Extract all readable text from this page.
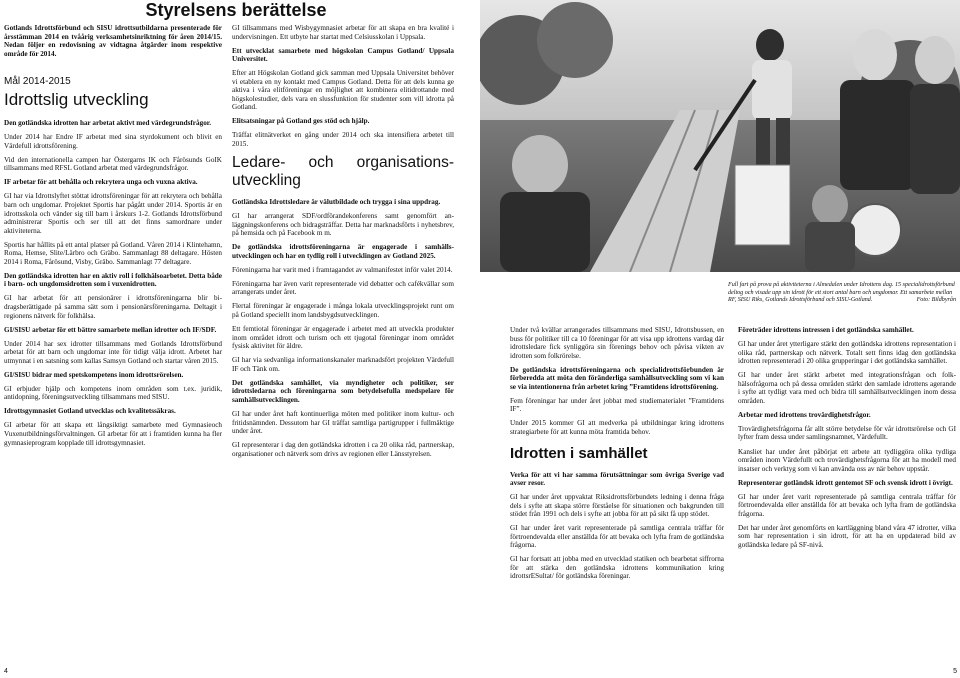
Gotlands Idrottsförbund och SISU idrottsutbildarna presenterade för årsstämman 2014 en tvåårig verksamhetsinriktning för åren 2014/15. Nedan följer en redovisning av vidtagna åtgärder inom respektive område för 2014.

Mål 2014-2015
Idrottslig utveckling

Den gotländska idrotten har arbetat aktivt med värdegrundsfrågor.

Under 2014 har Endre IF arbetat med sina styrdokument och blivit en Värdefull idrottsförening.

Vid den internationella campen har Östergarns IK och Fårösunds GoIK tillsammans med RFSL Gotland arbetat med värdegrundsfrågor.

IF arbetar för att behålla och rekrytera unga och vuxna aktiva.

GI har via Idrottslyftet stöttat idrottsföreningar för att rekrytera och behålla barn och ungdomar. Projektet Sportis har pågått under 2014. Sportis är en idrottsskola och vänder sig till barn i årskurs 1-2. Gotlands Idrottsförbund administrerar Sportis och ser till att det finns samordnare under aktiviteterna.

Sportis har hållits på ett antal platser på Gotland. Våren 2014 i Klintehamn, Roma, Hemse, Slite/Lärbro och Gräbo. Sammanlagt 88 deltagare. Hösten 2014 i Roma, Fårösund, Visby, Gräbo. Sammanlagt 77 deltagare.

Den gotländska idrotten har en aktiv roll i folkhälsoarbetet. Detta både i barn- och ungdomsidrotten som i vuxenidrotten.

GI har arbetat för att pensionärer i idrottsföreningarna blir bidragsberättigade på samma sätt som i pensionärsföreningarna. Deltagit i regionens nätverk för folkhälsa.

GI/SISU arbetar för ett bättre samarbete mellan idrotter och IF/SDF.

Under 2014 har sex idrotter tillsammans med Gotlands Idrottsförbund arbetat för att barn och ungdomar inte för tidigt välja idrott. Arbetet har utmynnat i en satsning som kallas Samsyn Gotland och startar våren 2015.

GI/SISU bidrar med spetskompetens inom idrottsrörelsen.

GI erbjuder hjälp och kompetens inom områden som t.ex. juridik, antidopning, föreningsutveckling tillsammans med SISU.

Idrottsgymnasiet Gotland utvecklas och kvalitetssäkras.

GI arbetar för att skapa ett långsiktigt samarbete med Gymnasieoch Vuxenutbildningsförvaltningen. GI arbetar för att i framtiden kunna ha fler gymnasieprogram kopplade till idrottsgymnasiet.

GI tillsammans med Wisbygymnasiet arbetar för att skapa en bra kvalité i undervisningen. Ett utbyte har startat med Celsiusskolan i Uppsala.

Ett utvecklat samarbete med högskolan Campus Gotland/ Uppsala Universitet.

Efter att Högskolan Gotland gick samman med Uppsala Universitet behöver vi etablera en ny kontakt med Campus Gotland. Detta för att dels kunna ge aktiva i våra elitföreningar en möjlighet att kombinera elitidrottande med högskolestudier, dels vara en slussfunktion för studenter som vill idrotta på Gotland.

Elitsatsningar på Gotland ges stöd och hjälp.

Träffat elitnätverket en gång under 2014 och ska intensifiera arbetet till 2015.

Ledare- och organisationsutveckling

Gotländska Idrottsledare är välutbildade och trygga i sina uppdrag.

GI har arrangerat SDF/ordförandekonferens samt genomfört anläggningskonferens och bidragsträffar. Detta har marknadsförts i nyhetsbrev, på hemsida och på Facebook m m.

De gotländska idrottsföreningarna är engagerade i samhällsutvecklingen och har en tydlig roll i utvecklingen av Gotland 2025.

Föreningarna har varit med i framtagandet av valmanifestet inför valet 2014.

Föreningarna har även varit representerade vid debatter och cafékvällar som arrangerats under året.

Flertal föreningar är engagerade i många lokala utvecklingsprojekt runt om på Gotland speciellt inom landsbygdsutvecklingen.

Ett femtiotal föreningar är engagerade i arbetet med att utveckla produkter inom området idrott och turism och ett tjugotal föreningar inom området fysisk aktivitet för äldre.

GI har via sedvanliga informationskanaler marknadsfört projekten Värdefull IF och Tänk om.

Det gotländska samhället, via myndigheter och politiker, ser idrottsledarna och föreningarna som betydelsefulla medspelare för samhällsutvecklingen.

GI har under året haft kontinuerliga möten med politiker inom kultur- och fritidsnämnden. Dessutom har GI träffat samtliga partigrupper i fullmäktige under året.

GI representerar i dag den gotländska idrotten i ca 20 olika råd, partnerskap, organisationer och nätverk som drivs av regionen eller Länsstyrelsen.

4
Styrelsens berättelse
Full fart på prova på aktiviteterna i Almedalen under Idrottens dag. 15 specialidrottsförbund deltog och visade upp sin idrott för ett stort antal barn och ungdomar. Ett samarbete mellan RF, SISU Riks, Gotlands Idrottsförbund och SISU-Gotland.	Foto: Bildbyrån

Under två kvällar arrangerades tillsammans med SISU, Idrottsbussen, en buss för politiker till ca 10 föreningar för att visa upp idrottens vardag där idrottsledare fick synliggöra sin förenings behov och påvisa vikten av idrotten som folkrörelse.

De gotländska idrottsföreningarna och specialidrottsförbunden är förberedda att möta den föränderliga samhällsutveckling som vi kan se via intentionerna från arbetet kring ”Framtidens idrottsförening.

Fem föreningar har under året jobbat med studiematerialet ”Framtidens IF”.

Under 2015 kommer GI att medverka på utbildningar kring idrottens strategiarbete för att kunna möta framtida behov.

Idrotten i samhället

Verka för att vi har samma förutsättningar som övriga Sverige vad avser resor.

GI har under året uppvaktat Riksidrottsförbundets ledning i denna fråga dels i syfte att skapa större förståelse för situationen och bakgrunden till stödet från 1991 och dels i syfte att jobba för att på sikt få upp stödet.

GI har under året varit representerade på samtliga centrala träffar för förtroendevalda eller anställda för att bevaka och lyfta fram de gotländska frågorna.

GI har fortsatt att jobba med en utvecklad statiken och bearbetat siffrorna för att stärka den gotländska idrottens kommunikation kring idrottsrESultat/ för gotländska föreningar.

Företräder idrottens intressen i det gotländska samhället.

GI har under året ytterligare stärkt den gotländska idrottens representation i olika råd, partnerskap och nätverk. Totalt sett finns idag den gotländska idrotten representerad i 20 olika grupperingar i det gotländska samhället.

GI har under året stärkt arbetet med integrationsfrågan och folkhälsofrågorna och på dessa områden stärkt den samlade idrottens agerande i syfte att tydligt vara med och bidra till samhällsutvecklingen inom dessa områden.

Arbetar med idrottens trovärdighetsfrågor.

Trovärdighetsfrågorna får allt större betydelse för vår idrottsrörelse och GI lyfter fram dessa under samlingsnamnet, Värdefullt.

Kansliet har under året påbörjat ett arbete att tydliggöra olika tydliga områden inom Värdefullt och trovärdighetsfrågorna för att ha modell med insatser och verktyg som vi kan använda oss av när behov uppstår.

Representerar gotländsk idrott gentemot SF och svensk idrott i övrigt.

GI har under året varit representerade på samtliga centrala träffar för förtroendevalda eller anställda för att bevaka och lyfta fram de gotländska frågorna.

Det har under året genomförts en kartläggning bland våra 47 idrotter, vilka som har representation i sin idrott, för att ha en uppdaterad bild av gotländska ledare på SF-nivå.

5
